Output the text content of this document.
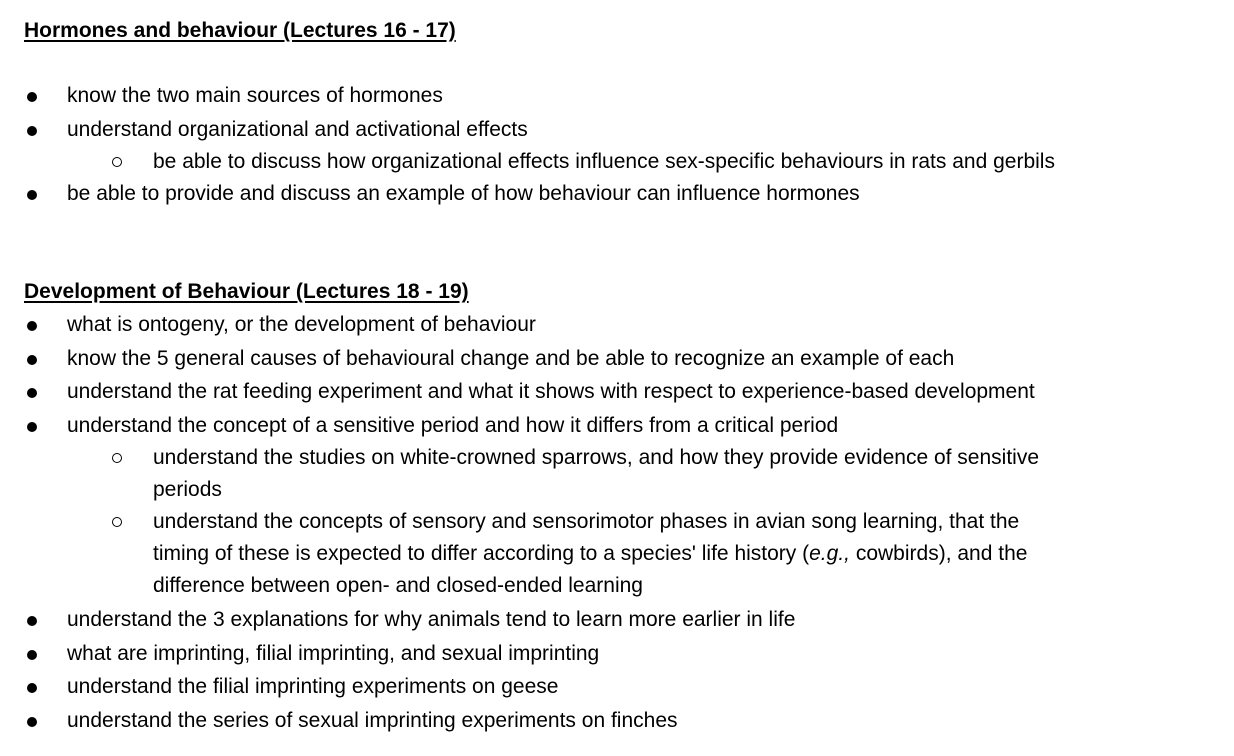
Hormones and behaviour (Lectures 16 - 17)
know the two main sources of hormones
understand organizational and activational effects
be able to discuss how organizational effects influence sex-specific behaviours in rats and gerbils
be able to provide and discuss an example of how behaviour can influence hormones
Development of Behaviour (Lectures 18 - 19)
what is ontogeny, or the development of behaviour
know the 5 general causes of behavioural change and be able to recognize an example of each
understand the rat feeding experiment and what it shows with respect to experience-based development
understand the concept of a sensitive period and how it differs from a critical period
understand the studies on white-crowned sparrows, and how they provide evidence of sensitive
periods
understand the concepts of sensory and sensorimotor phases in avian song learning, that the
timing of these is expected to differ according to a species' life history (e.g., cowbirds), and the
difference between open- and closed-ended learning
understand the 3 explanations for why animals tend to learn more earlier in life
what are imprinting, filial imprinting, and sexual imprinting
understand the filial imprinting experiments on geese
understand the series of sexual imprinting experiments on finches
